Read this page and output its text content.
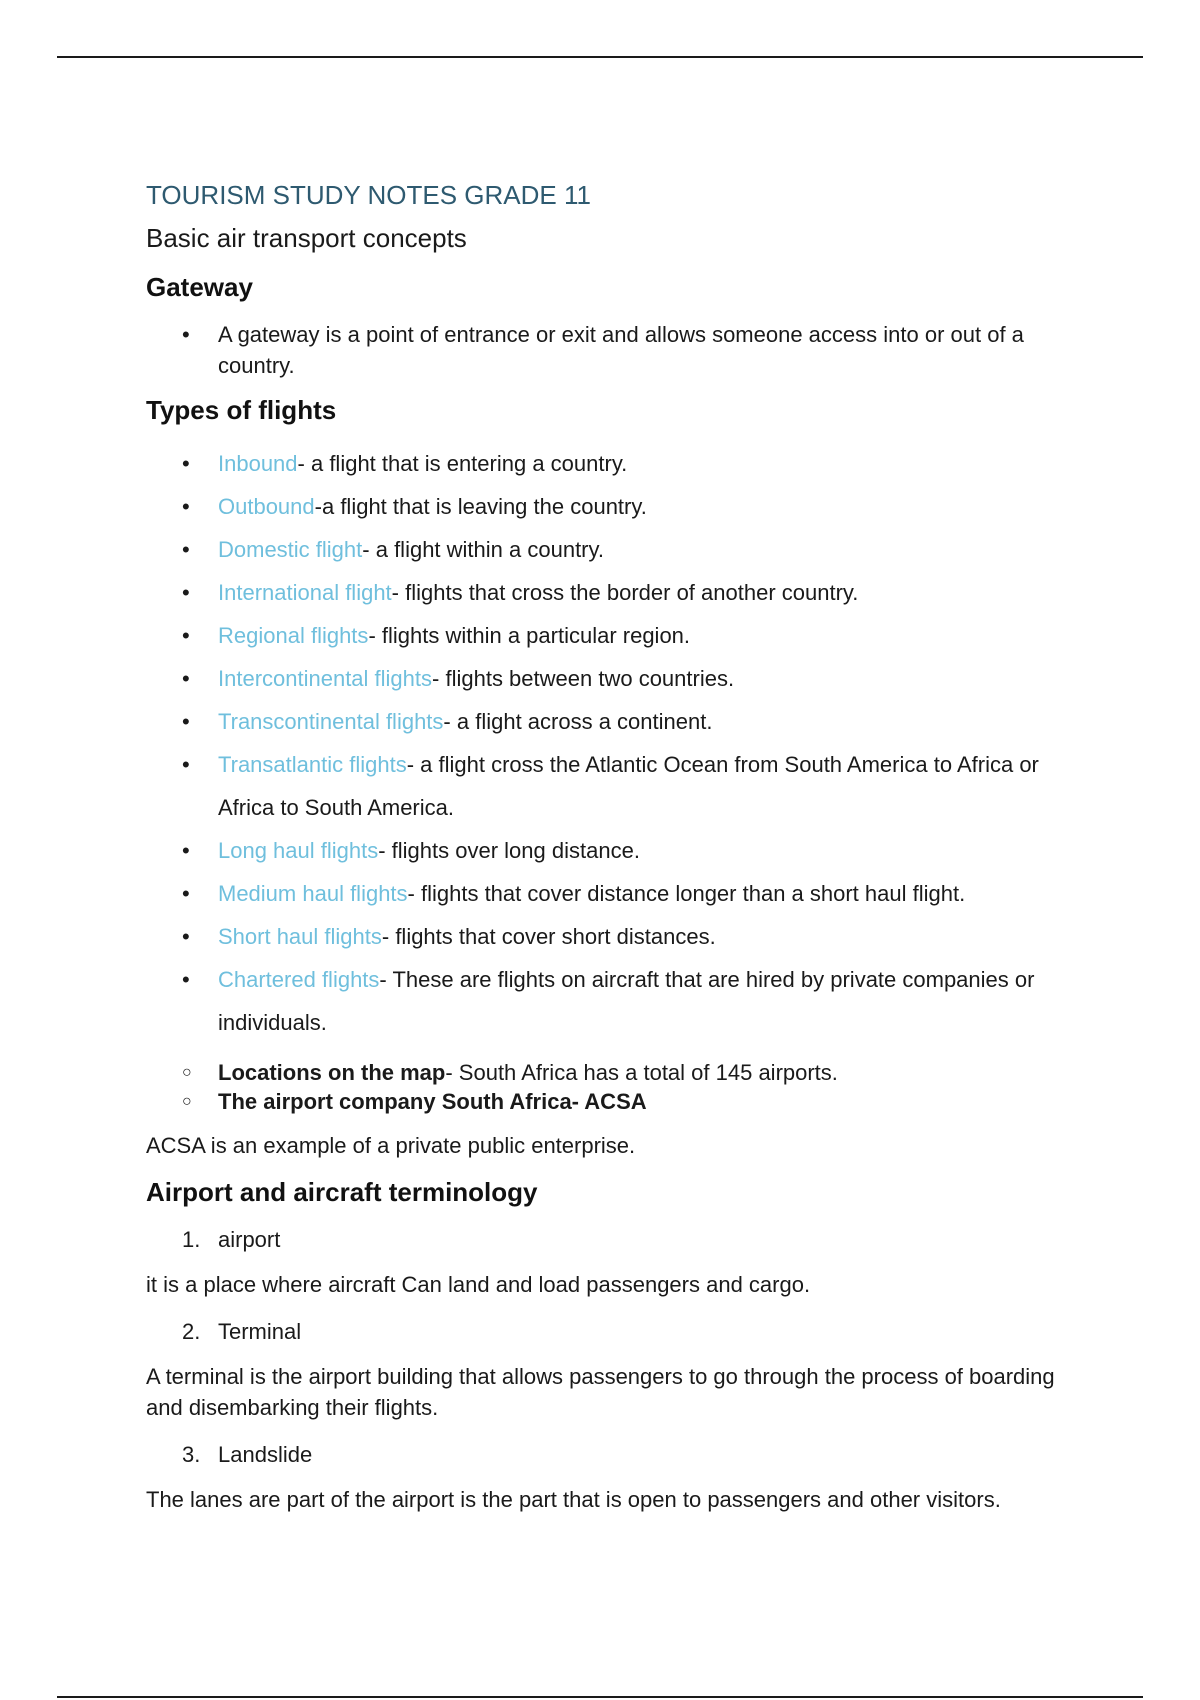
TOURISM STUDY NOTES GRADE 11
Basic air transport concepts
Gateway
• A gateway is a point of entrance or exit and allows someone access into or out of a country.
Types of flights
• Inbound- a flight that is entering a country.
• Outbound-a flight that is leaving the country.
• Domestic flight- a flight within a country.
• International flight- flights that cross the border of another country.
• Regional flights- flights within a particular region.
• Intercontinental flights- flights between two countries.
• Transcontinental flights- a flight across a continent.
• Transatlantic flights- a flight cross the Atlantic Ocean from South America to Africa or Africa to South America.
• Long haul flights- flights over long distance.
• Medium haul flights- flights that cover distance longer than a short haul flight.
• Short haul flights- flights that cover short distances.
• Chartered flights- These are flights on aircraft that are hired by private companies or individuals.
○ Locations on the map- South Africa has a total of 145 airports.
○ The airport company South Africa- ACSA

ACSA is an example of a private public enterprise.

Airport and aircraft terminology
1. airport

it is a place where aircraft Can land and load passengers and cargo.

2. Terminal

A terminal is the airport building that allows passengers to go through the process of boarding and disembarking their flights.

3. Landslide

The lanes are part of the airport is the part that is open to passengers and other visitors.
